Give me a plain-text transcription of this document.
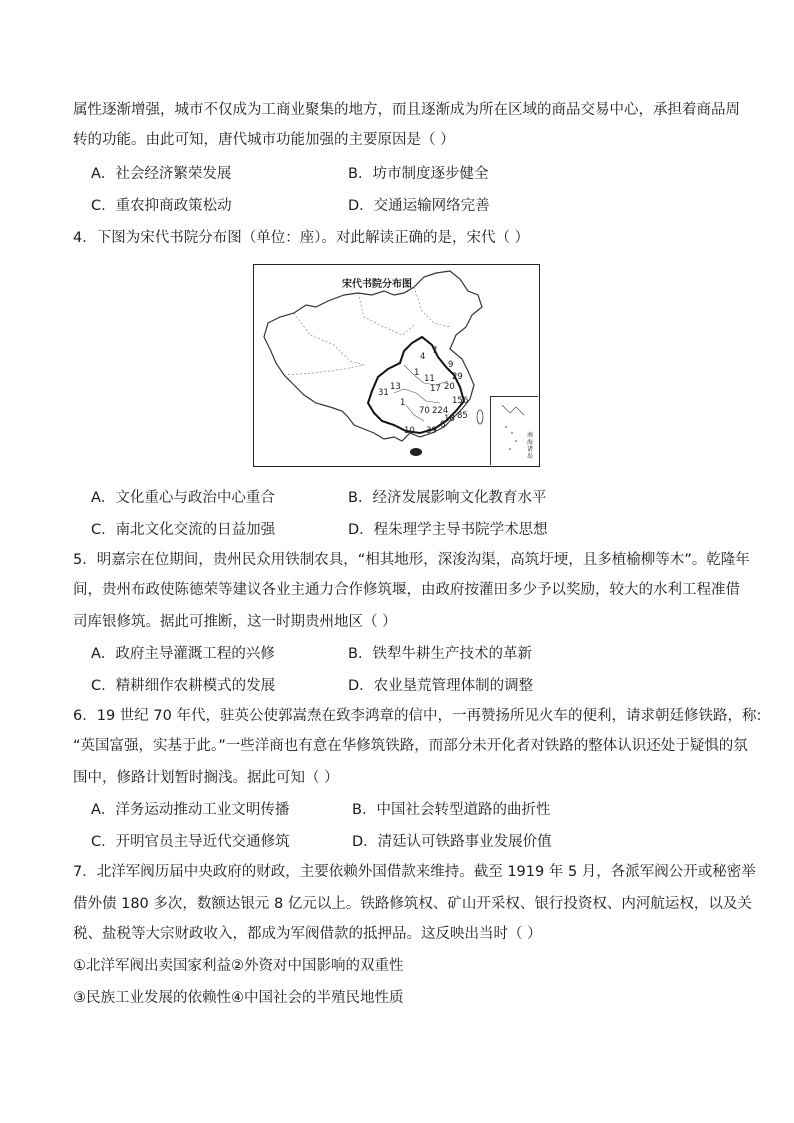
属性逐渐增强，城市不仅成为工商业聚集的地方，而且逐渐成为所在区域的商品交易中心，承担着商品周
转的功能。由此可知，唐代城市功能加强的主要原因是（ ）
A．社会经济繁荣发展	B．坊市制度逐步健全
C．重农抑商政策松动	D．交通运输网络完善
4．下图为宋代书院分布图（单位：座）。对此解读正确的是，宋代（ ）
宋代书院分布图
4
7
9
1
11 29
13	17 20
31
156
1
70 224 85
10 39
18
6
南海诸岛
A．文化重心与政治中心重合	B．经济发展影响文化教育水平
C．南北文化交流的日益加强	D．程朱理学主导书院学术思想
5．明嘉宗在位期间，贵州民众用铁制农具，“相其地形，深浚沟渠，高筑圩埂，且多植榆柳等木”。乾隆年
间，贵州布政使陈德荣等建议各业主通力合作修筑堰，由政府按灌田多少予以奖励，较大的水利工程准借
司库银修筑。据此可推断，这一时期贵州地区（ ）
A．政府主导灌溉工程的兴修	B．铁犁牛耕生产技术的革新
C．精耕细作农耕模式的发展	D．农业垦荒管理体制的调整
6．19 世纪 70 年代，驻英公使郭嵩焘在致李鸿章的信中，一再赞扬所见火车的便利，请求朝廷修铁路，称:
“英国富强，实基于此。”一些洋商也有意在华修筑铁路，而部分未开化者对铁路的整体认识还处于疑惧的氛
围中，修路计划暂时搁浅。据此可知（ ）
A．洋务运动推动工业文明传播	B．中国社会转型道路的曲折性
C．开明官员主导近代交通修筑	D．清廷认可铁路事业发展价值
7．北洋军阀历届中央政府的财政，主要依赖外国借款来维持。截至 1919 年 5 月，各派军阀公开或秘密举
借外债 180 多次，数额达银元 8 亿元以上。铁路修筑权、矿山开采权、银行投资权、内河航运权，以及关
税、盐税等大宗财政收入，都成为军阀借款的抵押品。这反映出当时（ ）
①北洋军阀出卖国家利益②外资对中国影响的双重性
③民族工业发展的依赖性④中国社会的半殖民地性质
